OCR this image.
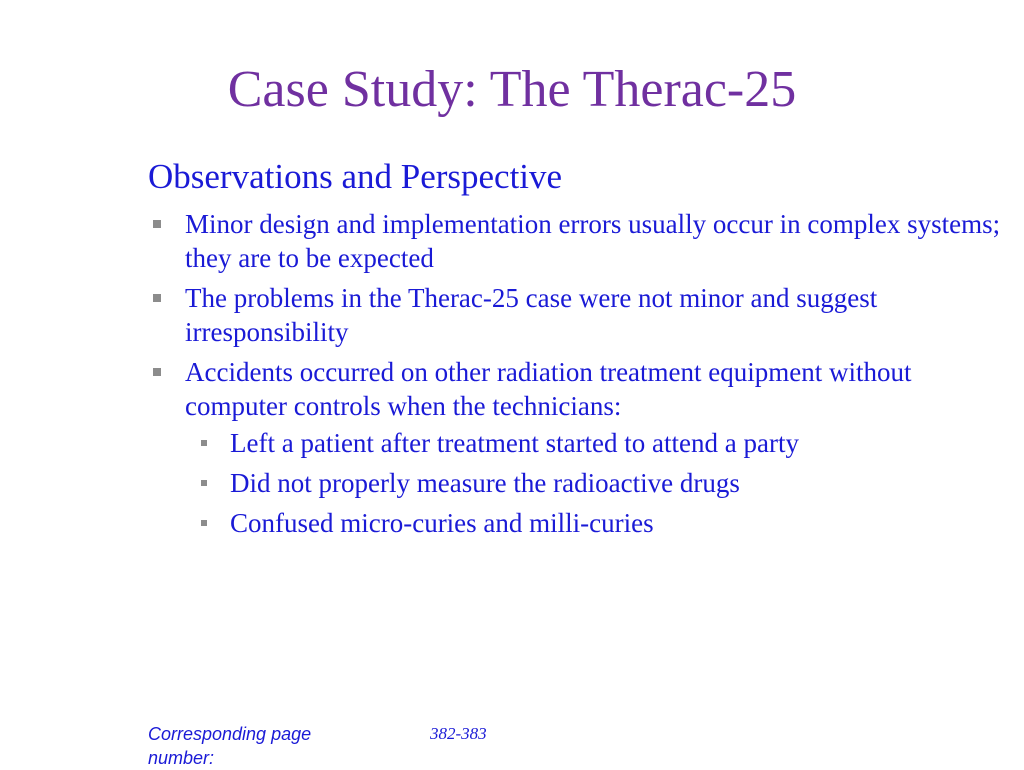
Case Study: The Therac-25
Observations and Perspective
Minor design and implementation errors usually occur in complex systems; they are to be expected
The problems in the Therac-25 case were not minor and suggest irresponsibility
Accidents occurred on other radiation treatment equipment without computer controls when the technicians:
Left a patient after treatment started to attend a party
Did not properly measure the radioactive drugs
Confused micro-curies and milli-curies
Corresponding page number:
382-383
